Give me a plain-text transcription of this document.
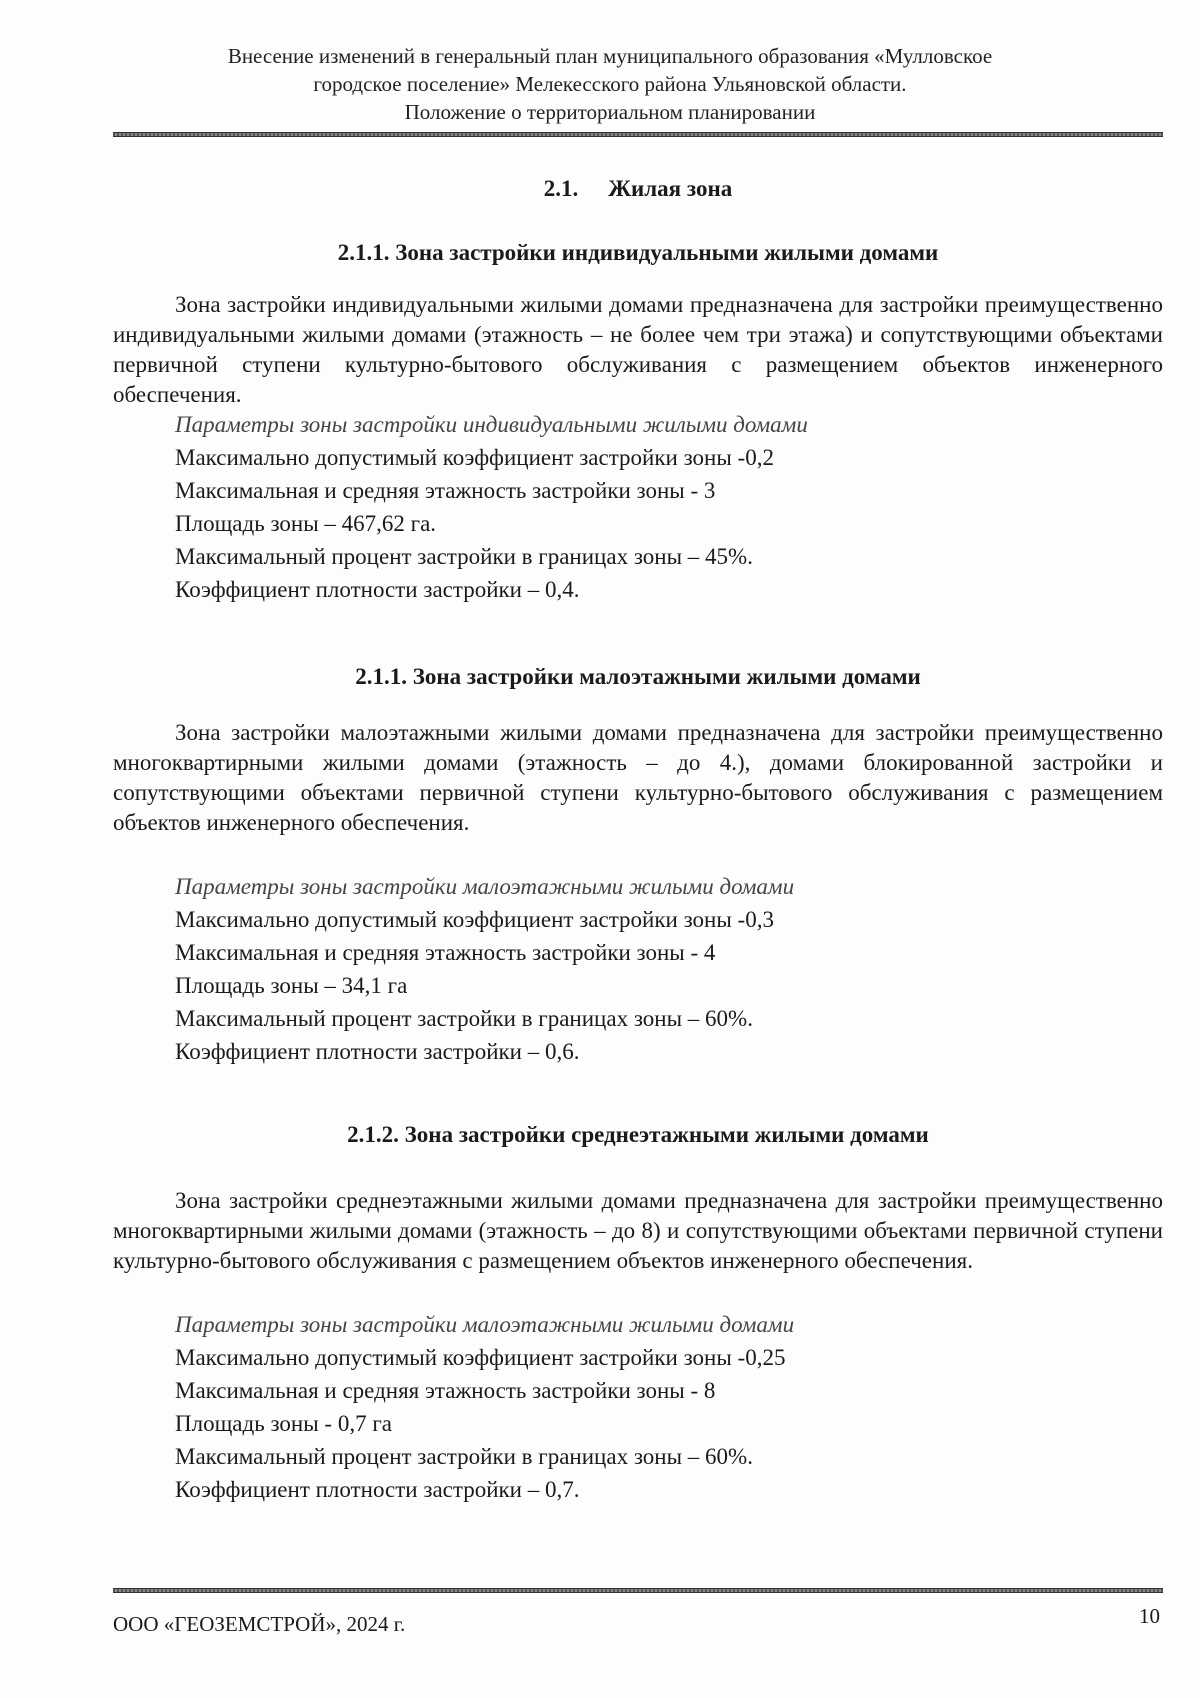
Внесение изменений в генеральный план муниципального образования «Мулловское
городское поселение» Мелекесского района Ульяновской области.
Положение о территориальном планировании
2.1. Жилая зона
2.1.1. Зона застройки индивидуальными жилыми домами
Зона застройки индивидуальными жилыми домами предназначена для застройки преимущественно индивидуальными жилыми домами (этажность – не более чем три этажа) и сопутствующими объектами первичной ступени культурно-бытового обслуживания с размещением объектов инженерного обеспечения.
Параметры зоны застройки индивидуальными жилыми домами
Максимально допустимый коэффициент застройки зоны -0,2
Максимальная и средняя этажность застройки зоны - 3
Площадь зоны – 467,62 га.
Максимальный процент застройки в границах зоны – 45%.
Коэффициент плотности застройки – 0,4.
2.1.1. Зона застройки малоэтажными жилыми домами
Зона застройки малоэтажными жилыми домами предназначена для застройки преимущественно многоквартирными жилыми домами (этажность – до 4.), домами блокированной застройки и сопутствующими объектами первичной ступени культурно-бытового обслуживания с размещением объектов инженерного обеспечения.
Параметры зоны застройки малоэтажными жилыми домами
Максимально допустимый коэффициент застройки зоны -0,3
Максимальная и средняя этажность застройки зоны - 4
Площадь зоны – 34,1 га
Максимальный процент застройки в границах зоны – 60%.
Коэффициент плотности застройки – 0,6.
2.1.2. Зона застройки среднеэтажными жилыми домами
Зона застройки среднеэтажными жилыми домами предназначена для застройки преимущественно многоквартирными жилыми домами (этажность – до 8) и сопутствующими объектами первичной ступени культурно-бытового обслуживания с размещением объектов инженерного обеспечения.
Параметры зоны застройки малоэтажными жилыми домами
Максимально допустимый коэффициент застройки зоны -0,25
Максимальная и средняя этажность застройки зоны - 8
Площадь зоны - 0,7 га
Максимальный процент застройки в границах зоны – 60%.
Коэффициент плотности застройки – 0,7.
ООО «ГЕОЗЕМСТРОЙ», 2024 г.	10
